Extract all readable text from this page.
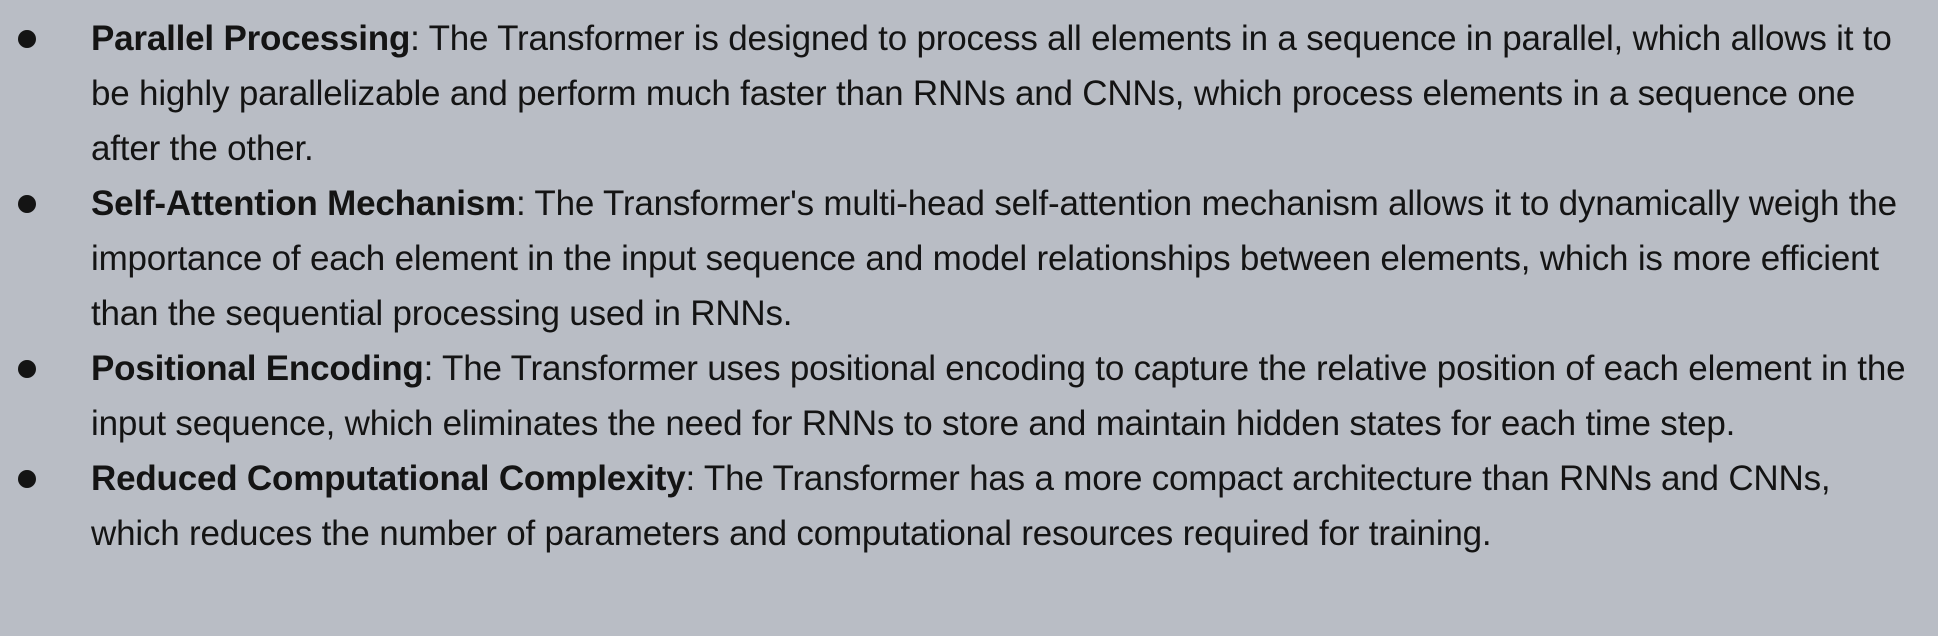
Parallel Processing: The Transformer is designed to process all elements in a sequence in parallel, which allows it to be highly parallelizable and perform much faster than RNNs and CNNs, which process elements in a sequence one after the other.
Self-Attention Mechanism: The Transformer's multi-head self-attention mechanism allows it to dynamically weigh the importance of each element in the input sequence and model relationships between elements, which is more efficient than the sequential processing used in RNNs.
Positional Encoding: The Transformer uses positional encoding to capture the relative position of each element in the input sequence, which eliminates the need for RNNs to store and maintain hidden states for each time step.
Reduced Computational Complexity: The Transformer has a more compact architecture than RNNs and CNNs, which reduces the number of parameters and computational resources required for training.
